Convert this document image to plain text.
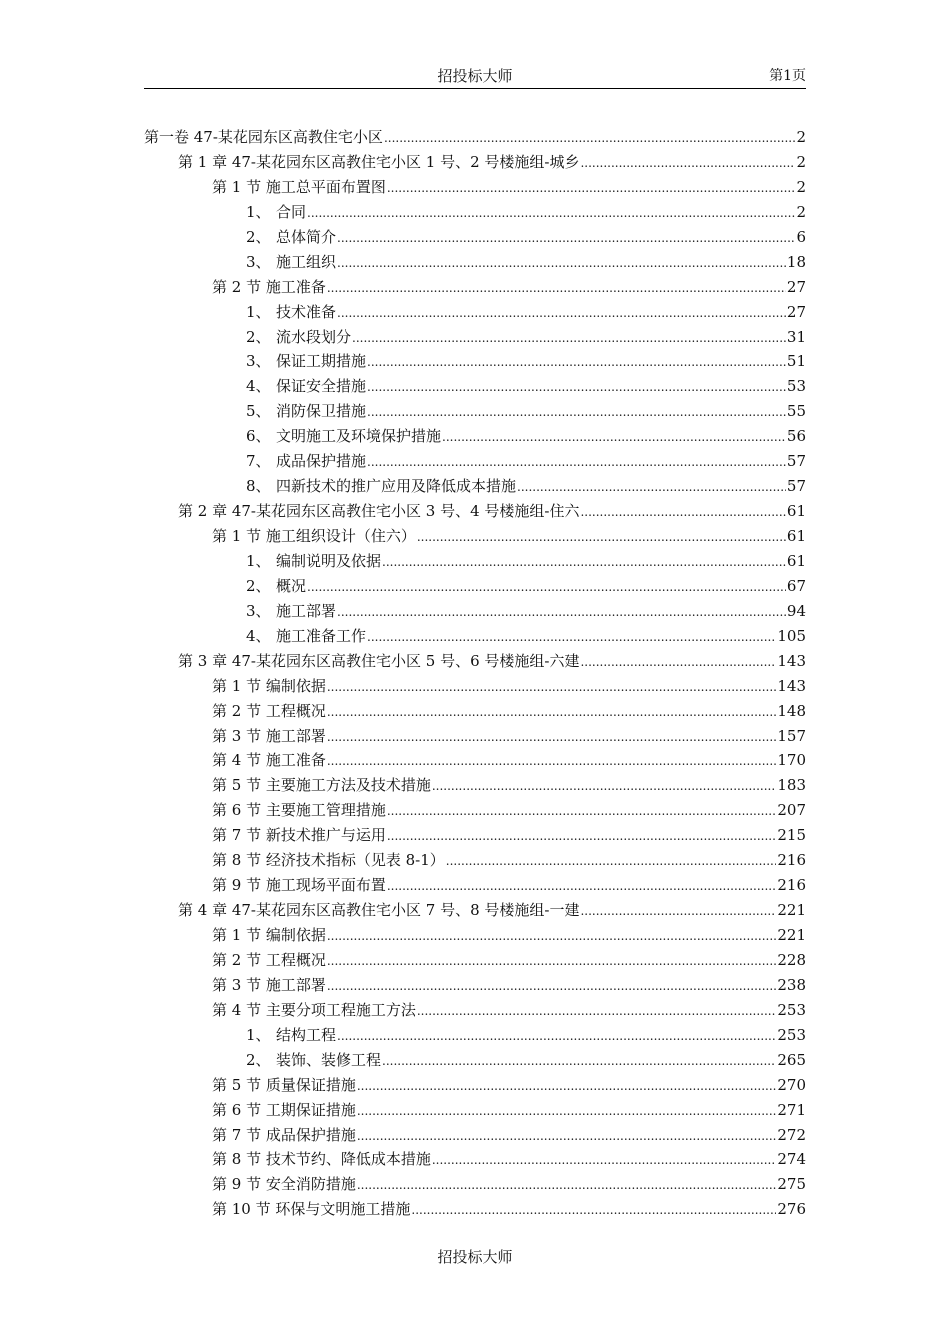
招投标大师	第1页
第一卷 47-某花园东区高教住宅小区 .....	2
第 1 章 47-某花园东区高教住宅小区 1 号、2 号楼施组-城乡 .....	2
第 1 节 施工总平面布置图 .....	2
1、 合同 .....	2
2、 总体简介 .....	6
3、 施工组织 .....	18
第 2 节 施工准备 .....	27
1、 技术准备 .....	27
2、 流水段划分 .....	31
3、 保证工期措施 .....	51
4、 保证安全措施 .....	53
5、 消防保卫措施 .....	55
6、 文明施工及环境保护措施 .....	56
7、 成品保护措施 .....	57
8、 四新技术的推广应用及降低成本措施 .....	57
第 2 章 47-某花园东区高教住宅小区 3 号、4 号楼施组-住六 .....	61
第 1 节 施工组织设计（住六） .....	61
1、 编制说明及依据 .....	61
2、 概况 .....	67
3、 施工部署 .....	94
4、 施工准备工作 .....	105
第 3 章 47-某花园东区高教住宅小区 5 号、6 号楼施组-六建 .....	143
第 1 节 编制依据 .....	143
第 2 节 工程概况 .....	148
第 3 节 施工部署 .....	157
第 4 节 施工准备 .....	170
第 5 节 主要施工方法及技术措施 .....	183
第 6 节 主要施工管理措施 .....	207
第 7 节 新技术推广与运用 .....	215
第 8 节 经济技术指标（见表 8-1） .....	216
第 9 节 施工现场平面布置 .....	216
第 4 章 47-某花园东区高教住宅小区 7 号、8 号楼施组-一建 .....	221
第 1 节 编制依据 .....	221
第 2 节 工程概况 .....	228
第 3 节 施工部署 .....	238
第 4 节 主要分项工程施工方法 .....	253
1、 结构工程 .....	253
2、 装饰、装修工程 .....	265
第 5 节 质量保证措施 .....	270
第 6 节 工期保证措施 .....	271
第 7 节 成品保护措施 .....	272
第 8 节 技术节约、降低成本措施 .....	274
第 9 节 安全消防措施 .....	275
第 10 节 环保与文明施工措施 .....	276
招投标大师
